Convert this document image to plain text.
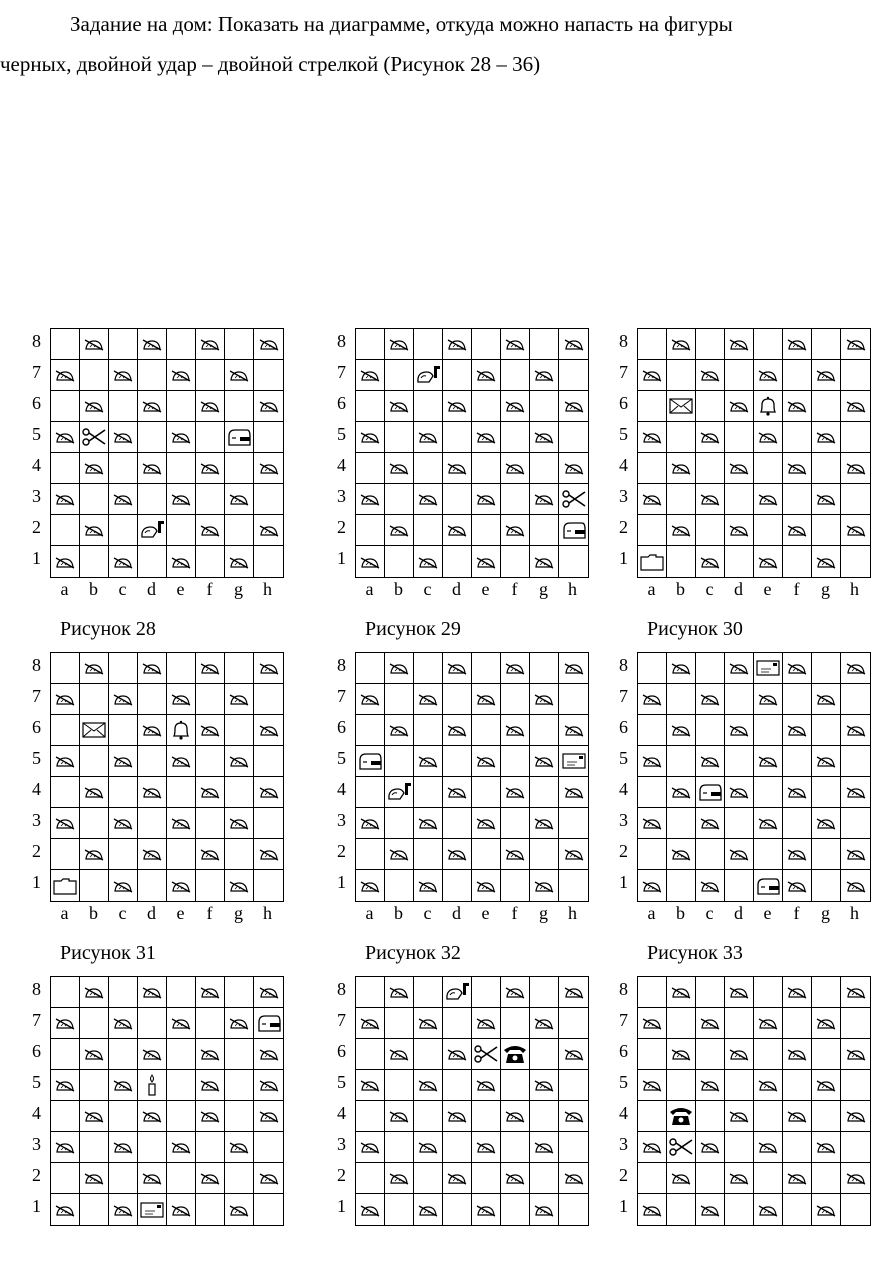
Задание на дом: Показать на диаграмме, откуда можно напасть на фигуры

черных, двойной удар – двойной стрелкой (Рисунок 28 – 36)

8
7
6
5
4
3
2
1
a	b	c	d	e	f	g	h
Рисунок 28
8
7
6
5
4
3
2
1
a	b	c	d	e	f	g	h
Рисунок 29
8
7
6
5
4
3
2
1
a	b	c	d	e	f	g	h
Рисунок 30
8
7
6
5
4
3
2
1
a	b	c	d	e	f	g	h
Рисунок 31
8
7
6
5
4
3
2
1
a	b	c	d	e	f	g	h
Рисунок 32
8
7
6
5
4
3
2
1
a	b	c	d	e	f	g	h
Рисунок 33
8
7
6
5
4
3
2
1
8
7
6
5
4
3
2
1
8
7
6
5
4
3
2
1
